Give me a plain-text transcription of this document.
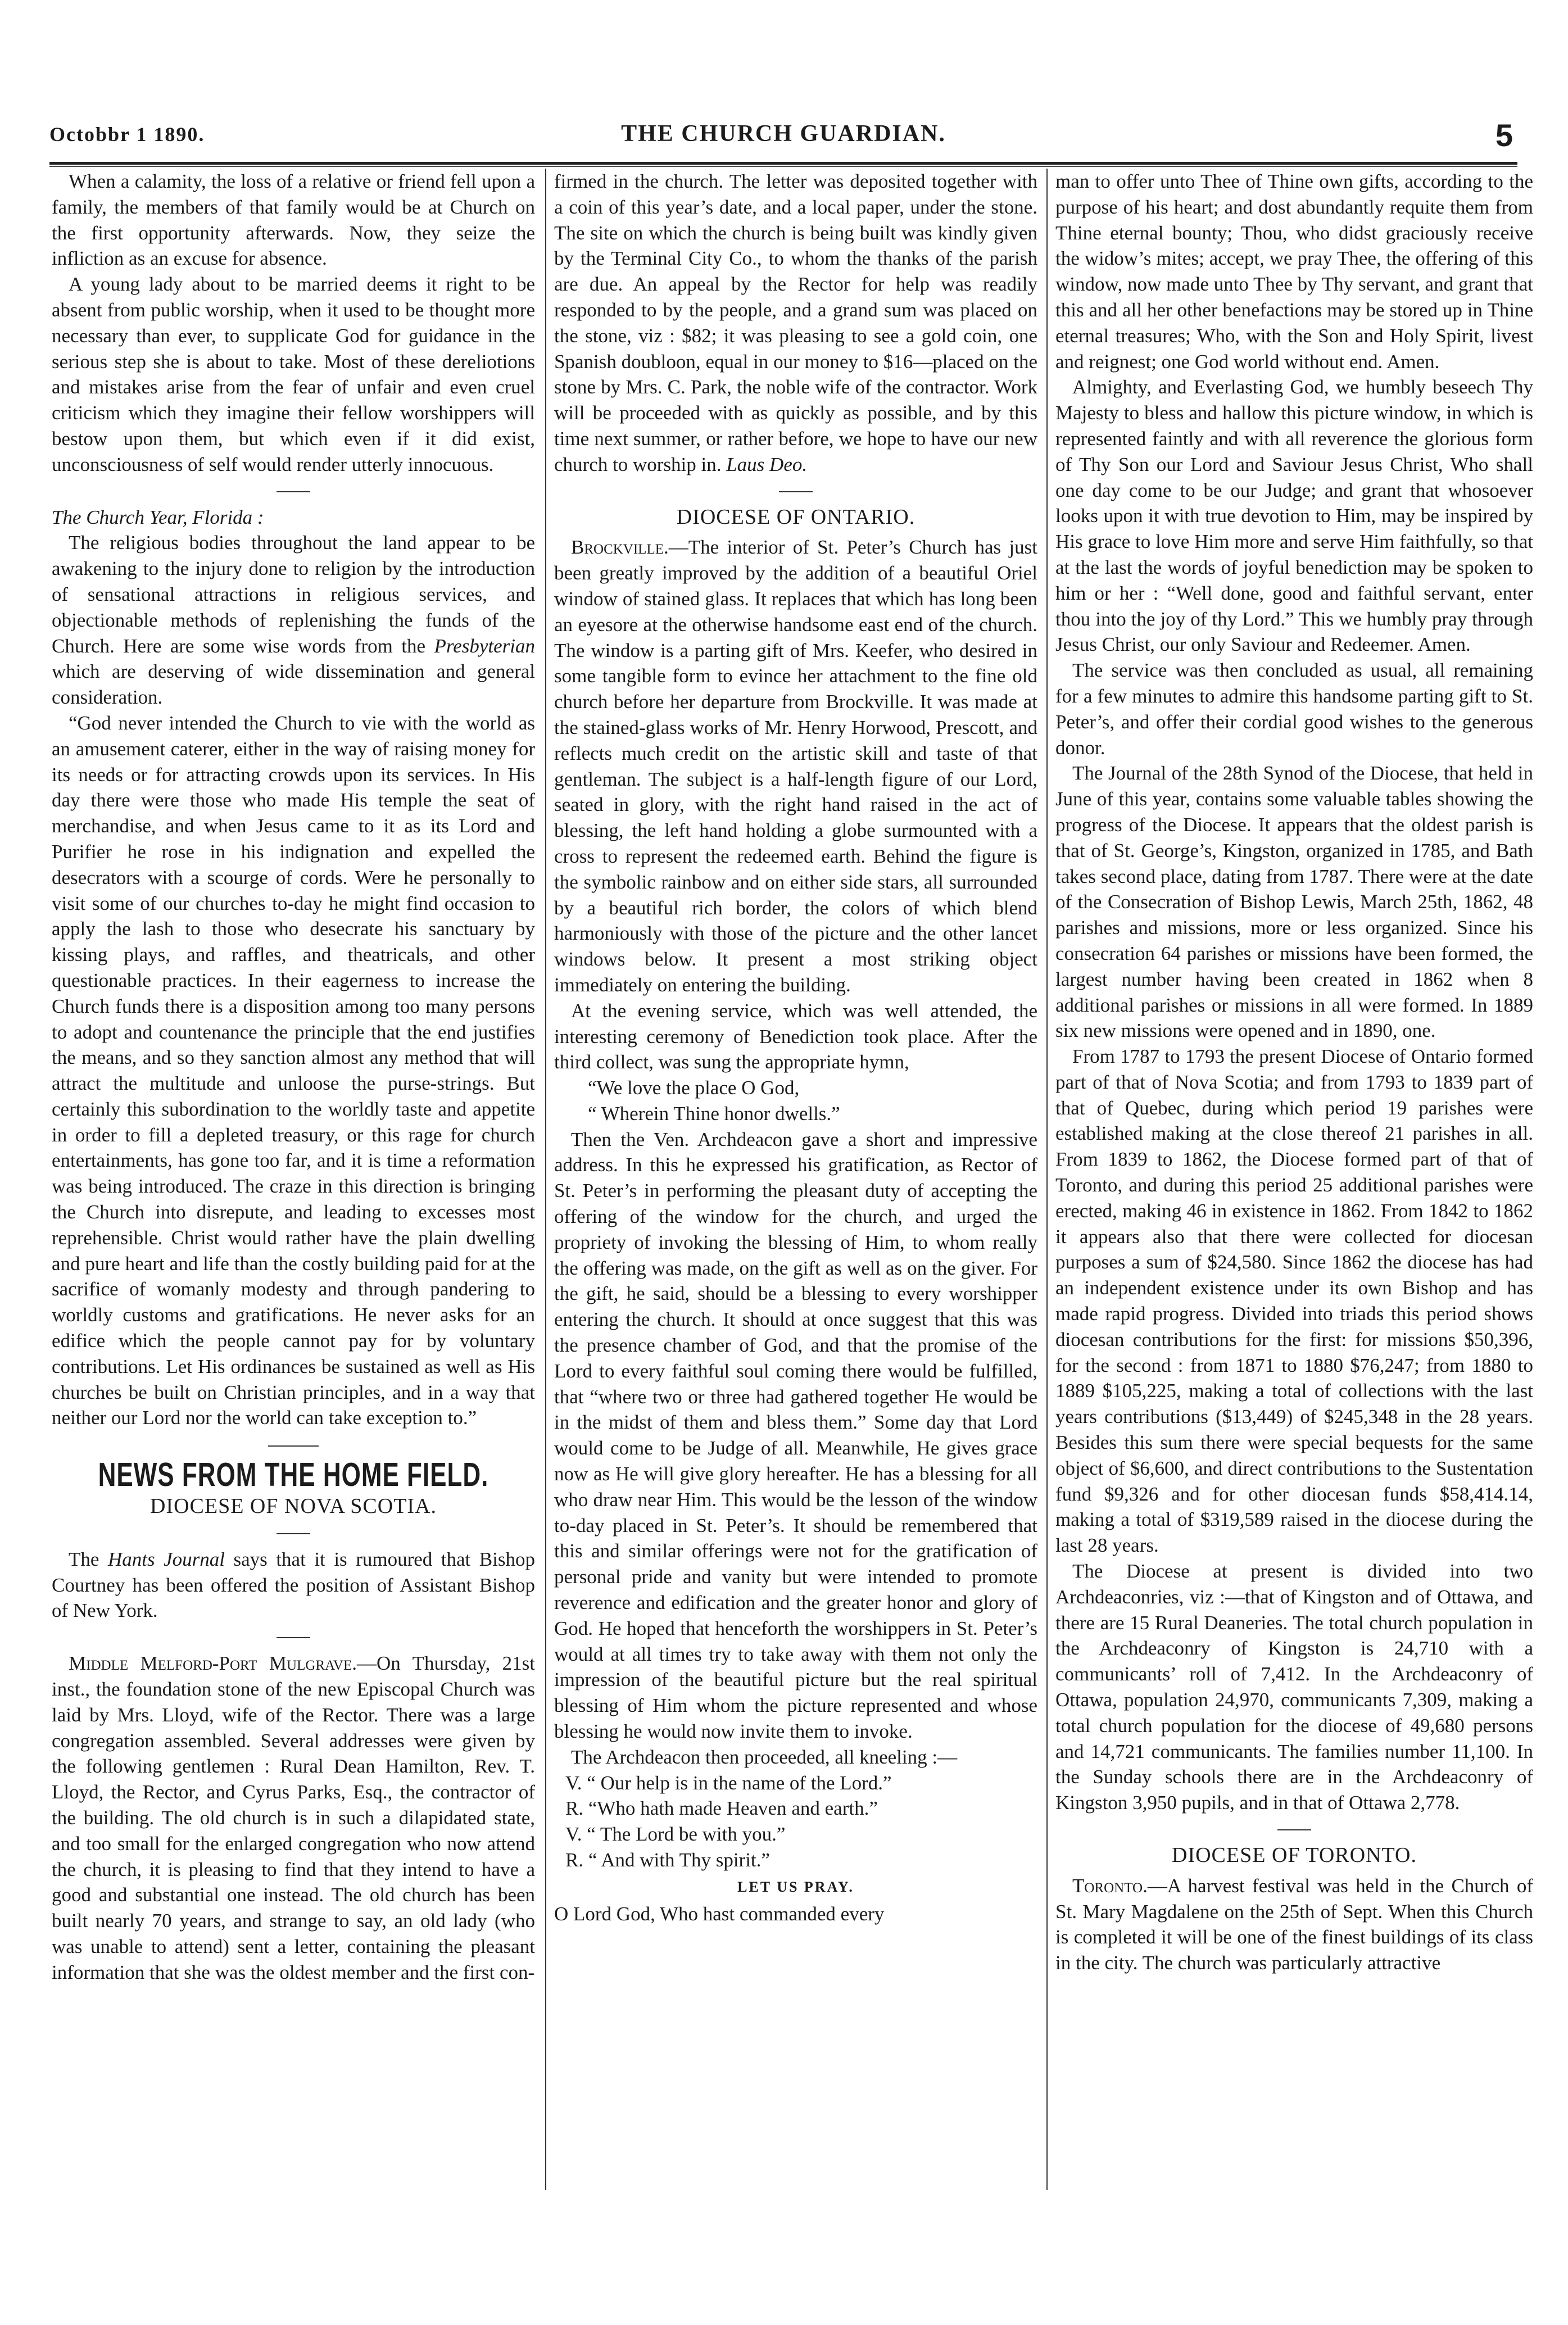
Octobbr 1 1890.	THE CHURCH GUARDIAN.	5

When a calamity, the loss of a relative or friend fell upon a family, the members of that family would be at Church on the first opportunity afterwards. Now, they seize the infliction as an excuse for absence.

A young lady about to be married deems it right to be absent from public worship, when it used to be thought more necessary than ever, to supplicate God for guidance in the serious step she is about to take. Most of these dereliotions and mistakes arise from the fear of unfair and even cruel criticism which they imagine their fellow worshippers will bestow upon them, but which even if it did exist, unconsciousness of self would render utterly innocuous.

The Church Year, Florida :

The religious bodies throughout the land appear to be awakening to the injury done to religion by the introduction of sensational attractions in religious services, and objectionable methods of replenishing the funds of the Church. Here are some wise words from the Presbyterian which are deserving of wide dissemination and general consideration.

“God never intended the Church to vie with the world as an amusement caterer, either in the way of raising money for its needs or for attracting crowds upon its services. In His day there were those who made His temple the seat of merchandise, and when Jesus came to it as its Lord and Purifier he rose in his indignation and expelled the desecrators with a scourge of cords. Were he personally to visit some of our churches to-day he might find occasion to apply the lash to those who desecrate his sanctuary by kissing plays, and raffles, and theatricals, and other questionable practices. In their eagerness to increase the Church funds there is a disposition among too many persons to adopt and countenance the principle that the end justifies the means, and so they sanction almost any method that will attract the multitude and unloose the purse-strings. But certainly this subordination to the worldly taste and appetite in order to fill a depleted treasury, or this rage for church entertainments, has gone too far, and it is time a reformation was being introduced. The craze in this direction is bringing the Church into disrepute, and leading to excesses most reprehensible. Christ would rather have the plain dwelling and pure heart and life than the costly building paid for at the sacrifice of womanly modesty and through pandering to worldly customs and gratifications. He never asks for an edifice which the people cannot pay for by voluntary contributions. Let His ordinances be sustained as well as His churches be built on Christian principles, and in a way that neither our Lord nor the world can take exception to.”

NEWS FROM THE HOME FIELD.
DIOCESE OF NOVA SCOTIA.

The Hants Journal says that it is rumoured that Bishop Courtney has been offered the position of Assistant Bishop of New York.

Middle Melford-Port Mulgrave.—On Thursday, 21st inst., the foundation stone of the new Episcopal Church was laid by Mrs. Lloyd, wife of the Rector. There was a large congregation assembled. Several addresses were given by the following gentlemen : Rural Dean Hamilton, Rev. T. Lloyd, the Rector, and Cyrus Parks, Esq., the contractor of the building. The old church is in such a dilapidated state, and too small for the enlarged congregation who now attend the church, it is pleasing to find that they intend to have a good and substantial one instead. The old church has been built nearly 70 years, and strange to say, an old lady (who was unable to attend) sent a letter, containing the pleasant information that she was the oldest member and the first con-

firmed in the church. The letter was deposited together with a coin of this year’s date, and a local paper, under the stone. The site on which the church is being built was kindly given by the Terminal City Co., to whom the thanks of the parish are due. An appeal by the Rector for help was readily responded to by the people, and a grand sum was placed on the stone, viz : $82; it was pleasing to see a gold coin, one Spanish doubloon, equal in our money to $16—placed on the stone by Mrs. C. Park, the noble wife of the contractor. Work will be proceeded with as quickly as possible, and by this time next summer, or rather before, we hope to have our new church to worship in. Laus Deo.

DIOCESE OF ONTARIO.

Brockville.—The interior of St. Peter’s Church has just been greatly improved by the addition of a beautiful Oriel window of stained glass. It replaces that which has long been an eyesore at the otherwise handsome east end of the church. The window is a parting gift of Mrs. Keefer, who desired in some tangible form to evince her attachment to the fine old church before her departure from Brockville. It was made at the stained-glass works of Mr. Henry Horwood, Prescott, and reflects much credit on the artistic skill and taste of that gentleman. The subject is a half-length figure of our Lord, seated in glory, with the right hand raised in the act of blessing, the left hand holding a globe surmounted with a cross to represent the redeemed earth. Behind the figure is the symbolic rainbow and on either side stars, all surrounded by a beautiful rich border, the colors of which blend harmoniously with those of the picture and the other lancet windows below. It present a most striking object immediately on entering the building.

At the evening service, which was well attended, the interesting ceremony of Benediction took place. After the third collect, was sung the appropriate hymn,

“We love the place O God,

“ Wherein Thine honor dwells.”

Then the Ven. Archdeacon gave a short and impressive address. In this he expressed his gratification, as Rector of St. Peter’s in performing the pleasant duty of accepting the offering of the window for the church, and urged the propriety of invoking the blessing of Him, to whom really the offering was made, on the gift as well as on the giver. For the gift, he said, should be a blessing to every worshipper entering the church. It should at once suggest that this was the presence chamber of God, and that the promise of the Lord to every faithful soul coming there would be fulfilled, that “where two or three had gathered together He would be in the midst of them and bless them.” Some day that Lord would come to be Judge of all. Meanwhile, He gives grace now as He will give glory hereafter. He has a blessing for all who draw near Him. This would be the lesson of the window to-day placed in St. Peter’s. It should be remembered that this and similar offerings were not for the gratification of personal pride and vanity but were intended to promote reverence and edification and the greater honor and glory of God. He hoped that henceforth the worshippers in St. Peter’s would at all times try to take away with them not only the impression of the beautiful picture but the real spiritual blessing of Him whom the picture represented and whose blessing he would now invite them to invoke.

The Archdeacon then proceeded, all kneeling :—

V. “ Our help is in the name of the Lord.”

R. “Who hath made Heaven and earth.”

V. “ The Lord be with you.”

R. “ And with Thy spirit.”

LET US PRAY.

O Lord God, Who hast commanded every

man to offer unto Thee of Thine own gifts, according to the purpose of his heart; and dost abundantly requite them from Thine eternal bounty; Thou, who didst graciously receive the widow’s mites; accept, we pray Thee, the offering of this window, now made unto Thee by Thy servant, and grant that this and all her other benefactions may be stored up in Thine eternal treasures; Who, with the Son and Holy Spirit, livest and reignest; one God world without end. Amen.

Almighty, and Everlasting God, we humbly beseech Thy Majesty to bless and hallow this picture window, in which is represented faintly and with all reverence the glorious form of Thy Son our Lord and Saviour Jesus Christ, Who shall one day come to be our Judge; and grant that whosoever looks upon it with true devotion to Him, may be inspired by His grace to love Him more and serve Him faithfully, so that at the last the words of joyful benediction may be spoken to him or her : “Well done, good and faithful servant, enter thou into the joy of thy Lord.” This we humbly pray through Jesus Christ, our only Saviour and Redeemer. Amen.

The service was then concluded as usual, all remaining for a few minutes to admire this handsome parting gift to St. Peter’s, and offer their cordial good wishes to the generous donor.

The Journal of the 28th Synod of the Diocese, that held in June of this year, contains some valuable tables showing the progress of the Diocese. It appears that the oldest parish is that of St. George’s, Kingston, organized in 1785, and Bath takes second place, dating from 1787. There were at the date of the Consecration of Bishop Lewis, March 25th, 1862, 48 parishes and missions, more or less organized. Since his consecration 64 parishes or missions have been formed, the largest number having been created in 1862 when 8 additional parishes or missions in all were formed. In 1889 six new missions were opened and in 1890, one.

From 1787 to 1793 the present Diocese of Ontario formed part of that of Nova Scotia; and from 1793 to 1839 part of that of Quebec, during which period 19 parishes were established making at the close thereof 21 parishes in all. From 1839 to 1862, the Diocese formed part of that of Toronto, and during this period 25 additional parishes were erected, making 46 in existence in 1862. From 1842 to 1862 it appears also that there were collected for diocesan purposes a sum of $24,580. Since 1862 the diocese has had an independent existence under its own Bishop and has made rapid progress. Divided into triads this period shows diocesan contributions for the first: for missions $50,396, for the second : from 1871 to 1880 $76,247; from 1880 to 1889 $105,225, making a total of collections with the last years contributions ($13,449) of $245,348 in the 28 years. Besides this sum there were special bequests for the same object of $6,600, and direct contributions to the Sustentation fund $9,326 and for other diocesan funds $58,414.14, making a total of $319,589 raised in the diocese during the last 28 years.

The Diocese at present is divided into two Archdeaconries, viz :—that of Kingston and of Ottawa, and there are 15 Rural Deaneries. The total church population in the Archdeaconry of Kingston is 24,710 with a communicants’ roll of 7,412. In the Archdeaconry of Ottawa, population 24,970, communicants 7,309, making a total church population for the diocese of 49,680 persons and 14,721 communicants. The families number 11,100. In the Sunday schools there are in the Archdeaconry of Kingston 3,950 pupils, and in that of Ottawa 2,778.

DIOCESE OF TORONTO.

Toronto.—A harvest festival was held in the Church of St. Mary Magdalene on the 25th of Sept. When this Church is completed it will be one of the finest buildings of its class in the city. The church was particularly attractive
